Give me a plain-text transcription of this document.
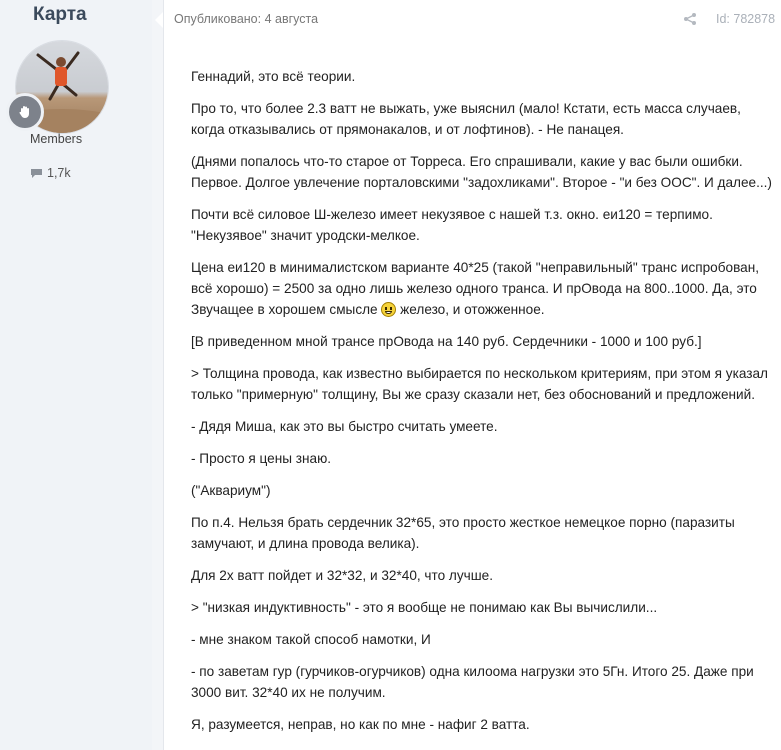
Карта
Members
1,7k
Опубликовано: 4 августа	Id: 782878

Геннадий, это всё теории.

Про то, что более 2.3 ватт не выжать, уже выяснил (мало! Кстати, есть масса случаев, когда отказывались от прямонакалов, и от лофтинов). - Не панацея.

(Днями попалось что-то старое от Торреса. Его спрашивали, какие у вас были ошибки. Первое. Долгое увлечение порталовскими "задохликами". Второе - "и без ООС". И далее...)

Почти всё силовое Ш-железо имеет некузявое с нашей т.з. окно. еи120 = терпимо. "Некузявое" значит уродски-мелкое.

Цена еи120 в минималистском варианте 40*25 (такой "неправильный" транс испробован, всё хорошо) = 2500 за одно лишь железо одного транса. И прОвода на 800..1000. Да, это Звучащее в хорошем смысле  железо, и отожженное.

[В приведенном мной трансе прОвода на 140 руб. Сердечники - 1000 и 100 руб.]

> Толщина провода, как известно выбирается по нескольком критериям, при этом я указал только "примерную" толщину, Вы же сразу сказали нет, без обоснований и предложений.

- Дядя Миша, как это вы быстро считать умеете.

- Просто я цены знаю.

("Аквариум")

По п.4. Нельзя брать сердечник 32*65, это просто жесткое немецкое порно (паразиты замучают, и длина провода велика).

Для 2х ватт пойдет и 32*32, и 32*40, что лучше.

> "низкая индуктивность" - это я вообще не понимаю как Вы вычислили...

- мне знаком такой способ намотки, И

- по заветам гур (гурчиков-огурчиков) одна килоома нагрузки это 5Гн. Итого 25. Даже при 3000 вит. 32*40 их не получим.

Я, разумеется, неправ, но как по мне - нафиг 2 ватта.
